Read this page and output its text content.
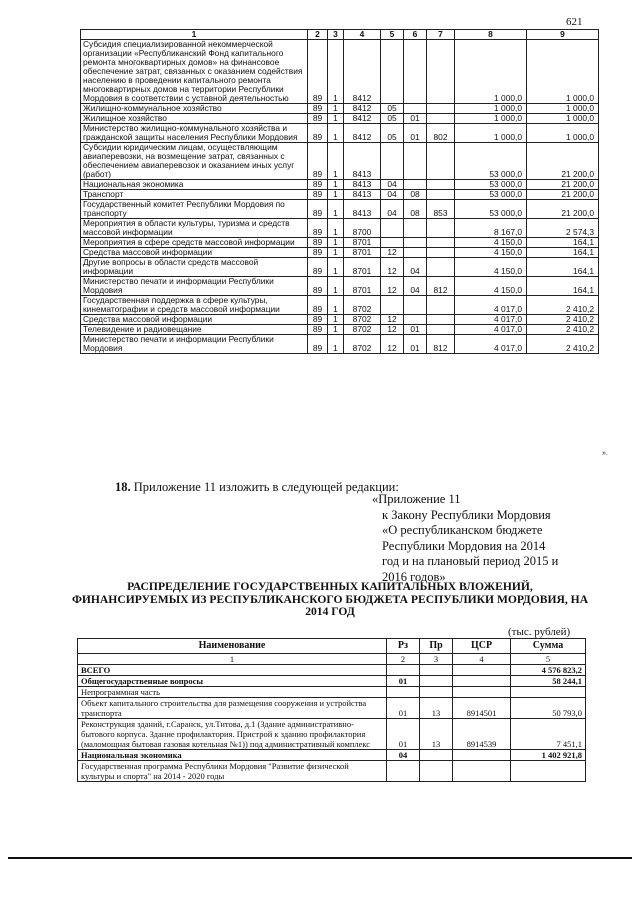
621
1	2	3	4	5	6	7	8	9
Субсидия специализированной некоммерческой организации «Республиканский Фонд капитального ремонта многоквартирных домов» на финансовое обеспечение затрат, связанных с оказанием содействия населению в проведении капитального ремонта многоквартирных домов на территории Республики Мордовия в соответствии с уставной деятельностью	89	1	8412				1 000,0	1 000,0
Жилищно-коммунальное хозяйство	89	1	8412	05			1 000,0	1 000,0
Жилищное хозяйство	89	1	8412	05	01		1 000,0	1 000,0
Министерство жилищно-коммунального хозяйства и гражданской защиты населения Республики Мордовия	89	1	8412	05	01	802	1 000,0	1 000,0
Субсидии юридическим лицам, осуществляющим авиаперевозки, на возмещение затрат, связанных с обеспечением авиаперевозок и оказанием иных услуг (работ)	89	1	8413				53 000,0	21 200,0
Национальная экономика	89	1	8413	04			53 000,0	21 200,0
Транспорт	89	1	8413	04	08		53 000,0	21 200,0
Государственный комитет Республики Мордовия по транспорту	89	1	8413	04	08	853	53 000,0	21 200,0
Мероприятия в области культуры, туризма и средств массовой информации	89	1	8700				8 167,0	2 574,3
Мероприятия в сфере средств массовой информации	89	1	8701				4 150,0	164,1
Средства массовой информации	89	1	8701	12			4 150,0	164,1
Другие вопросы в области средств массовой информации	89	1	8701	12	04		4 150,0	164,1
Министерство печати и информации Республики Мордовия	89	1	8701	12	04	812	4 150,0	164,1
Государственная поддержка в сфере культуры, кинематографии и средств массовой информации	89	1	8702				4 017,0	2 410,2
Средства массовой информации	89	1	8702	12			4 017,0	2 410,2
Телевидение и радиовещание	89	1	8702	12	01		4 017,0	2 410,2
Министерство печати и информации Республики Мордовия	89	1	8702	12	01	812	4 017,0	2 410,2
».
18. Приложение 11 изложить в следующей редакции:
«Приложение 11
к Закону Республики Мордовия
«О республиканском бюджете
Республики Мордовия на 2014
год и на плановый период 2015 и
2016 годов»
РАСПРЕДЕЛЕНИЕ ГОСУДАРСТВЕННЫХ КАПИТАЛЬНЫХ ВЛОЖЕНИЙ, ФИНАНСИРУЕМЫХ ИЗ РЕСПУБЛИКАНСКОГО БЮДЖЕТА РЕСПУБЛИКИ МОРДОВИЯ, НА 2014 ГОД
(тыс. рублей)
Наименование	Рз	Пр	ЦСР	Сумма
1	2	3	4	5
ВСЕГО				4 576 823,2
Общегосударственные вопросы	01			58 244,1
Непрограммная часть				
Объект капитального строительства для размещения сооружения и устройства транспорта	01	13	8914501	50 793,0
Реконструкция зданий, г.Саранск, ул.Титова, д.1 (Здание административно-бытового корпуса. Здание профилактория. Пристрой к зданию профилактория (маломощная бытовая газовая котельная №1)) под административный комплекс	01	13	8914539	7 451,1
Национальная экономика	04			1 402 921,8
Государственная программа Республики Мордовия "Развитие физической культуры и спорта" на 2014 - 2020 годы				
